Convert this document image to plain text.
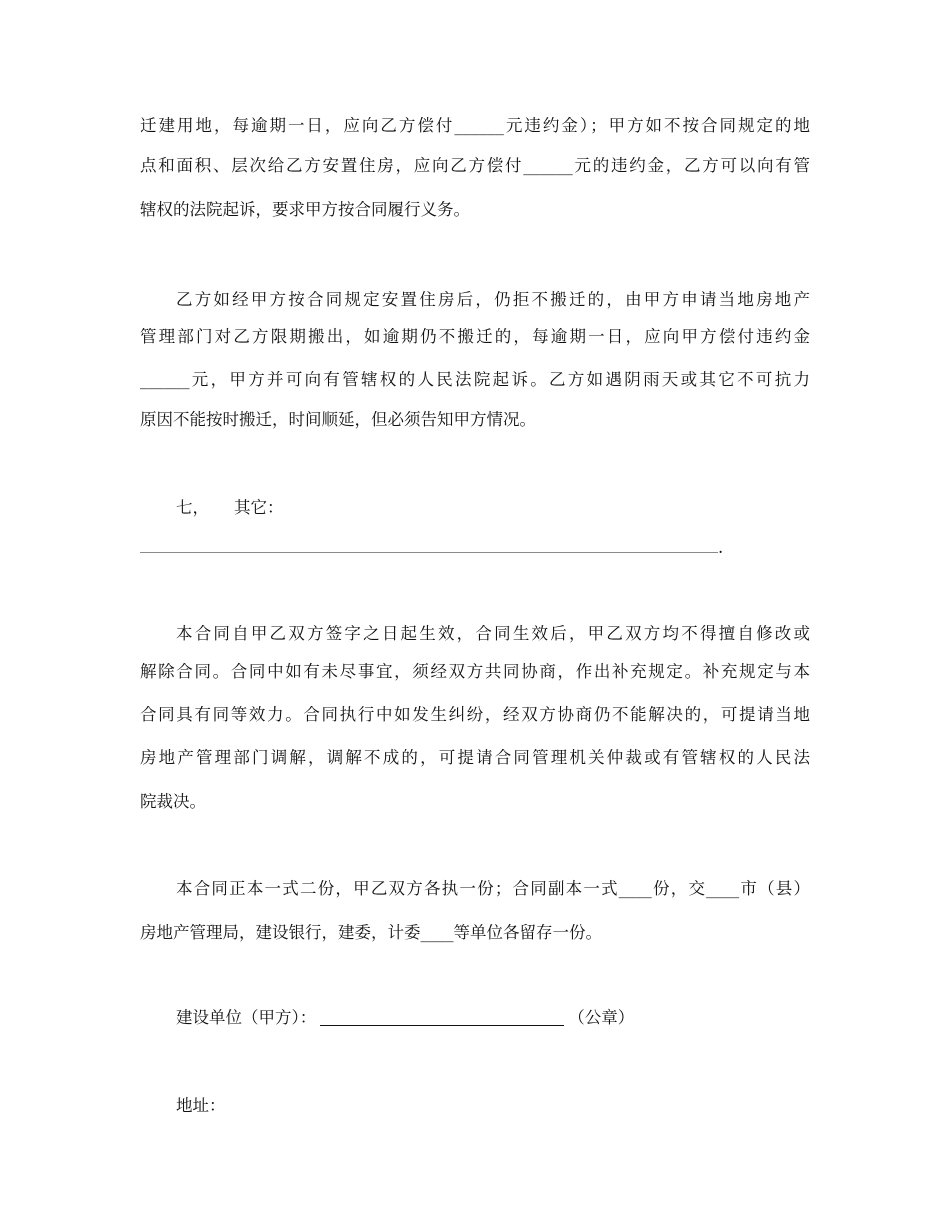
迁建用地，每逾期一日，应向乙方偿付______元违约金）；甲方如不按合同规定的地
点和面积、层次给乙方安置住房，应向乙方偿付______元的违约金，乙方可以向有管
辖权的法院起诉，要求甲方按合同履行义务。
乙方如经甲方按合同规定安置住房后，仍拒不搬迁的，由甲方申请当地房地产
管理部门对乙方限期搬出，如逾期仍不搬迁的，每逾期一日，应向甲方偿付违约金
______元，甲方并可向有管辖权的人民法院起诉。乙方如遇阴雨天或其它不可抗力
原因不能按时搬迁，时间顺延，但必须告知甲方情况。
七， 其它：
.
本合同自甲乙双方签字之日起生效，合同生效后，甲乙双方均不得擅自修改或
解除合同。合同中如有未尽事宜，须经双方共同协商，作出补充规定。补充规定与本
合同具有同等效力。合同执行中如发生纠纷，经双方协商仍不能解决的，可提请当地
房地产管理部门调解，调解不成的，可提请合同管理机关仲裁或有管辖权的人民法
院裁决。
本合同正本一式二份，甲乙双方各执一份；合同副本一式____份，交____市（县）
房地产管理局，建设银行，建委，计委____等单位各留存一份。
建设单位（甲方）：	（公章）
地址：
